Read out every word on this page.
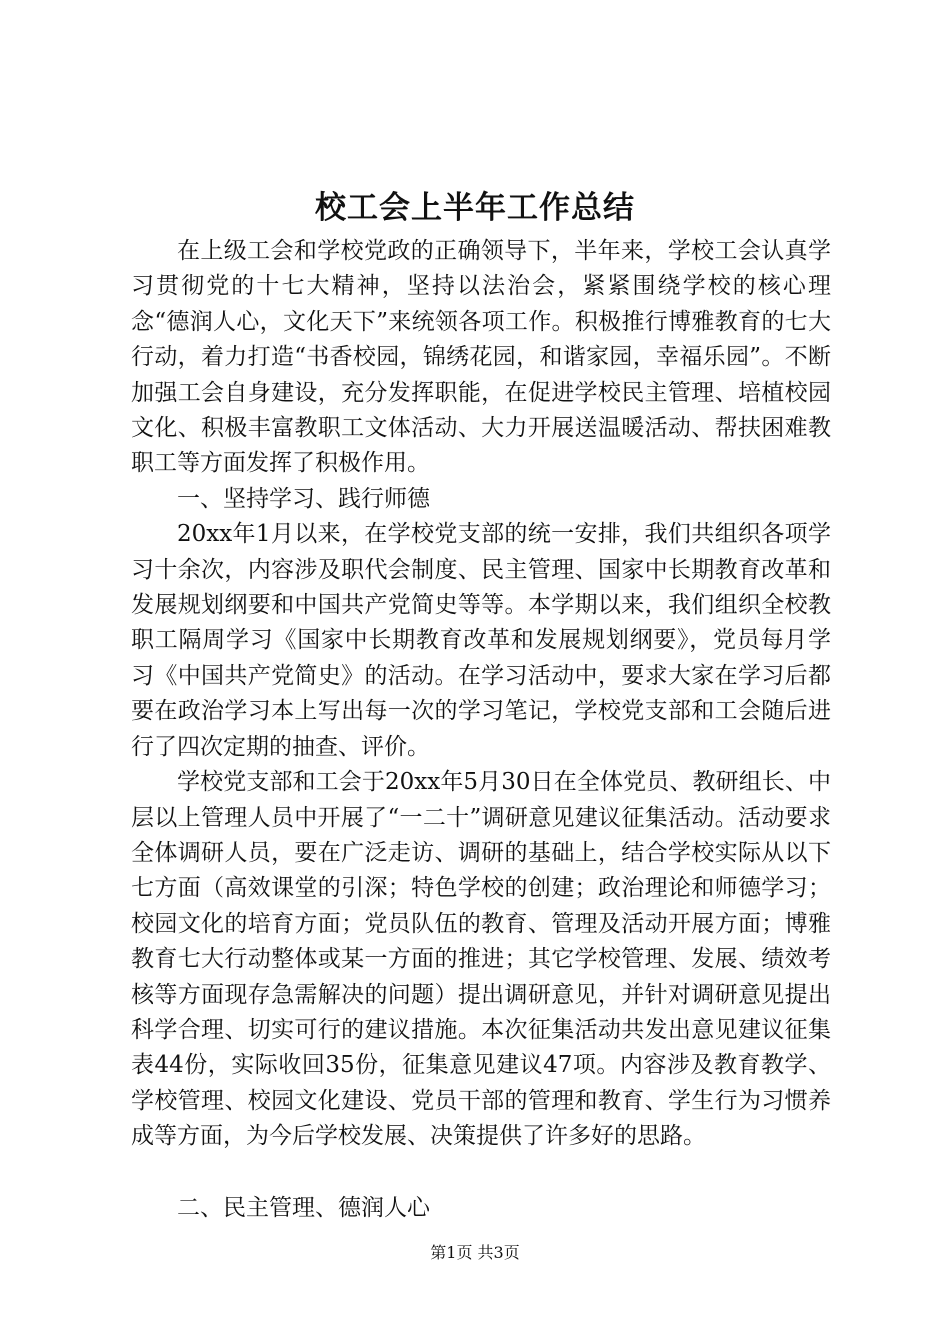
校工会上半年工作总结

在上级工会和学校党政的正确领导下，半年来，学校工会认真学习贯彻党的十七大精神，坚持以法治会，紧紧围绕学校的核心理念“德润人心，文化天下”来统领各项工作。积极推行博雅教育的七大行动，着力打造“书香校园，锦绣花园，和谐家园，幸福乐园”。不断加强工会自身建设，充分发挥职能，在促进学校民主管理、培植校园文化、积极丰富教职工文体活动、大力开展送温暖活动、帮扶困难教职工等方面发挥了积极作用。

一、坚持学习、践行师德

20xx年1月以来，在学校党支部的统一安排，我们共组织各项学习十余次，内容涉及职代会制度、民主管理、国家中长期教育改革和发展规划纲要和中国共产党简史等等。本学期以来，我们组织全校教职工隔周学习《国家中长期教育改革和发展规划纲要》，党员每月学习《中国共产党简史》的活动。在学习活动中，要求大家在学习后都要在政治学习本上写出每一次的学习笔记，学校党支部和工会随后进行了四次定期的抽查、评价。

学校党支部和工会于20xx年5月30日在全体党员、教研组长、中层以上管理人员中开展了“一二十”调研意见建议征集活动。活动要求全体调研人员，要在广泛走访、调研的基础上，结合学校实际从以下七方面（高效课堂的引深；特色学校的创建；政治理论和师德学习；校园文化的培育方面；党员队伍的教育、管理及活动开展方面；博雅教育七大行动整体或某一方面的推进；其它学校管理、发展、绩效考核等方面现存急需解决的问题）提出调研意见，并针对调研意见提出科学合理、切实可行的建议措施。本次征集活动共发出意见建议征集表44份，实际收回35份，征集意见建议47项。内容涉及教育教学、学校管理、校园文化建设、党员干部的管理和教育、学生行为习惯养成等方面，为今后学校发展、决策提供了许多好的思路。

二、民主管理、德润人心

第1页 共3页
